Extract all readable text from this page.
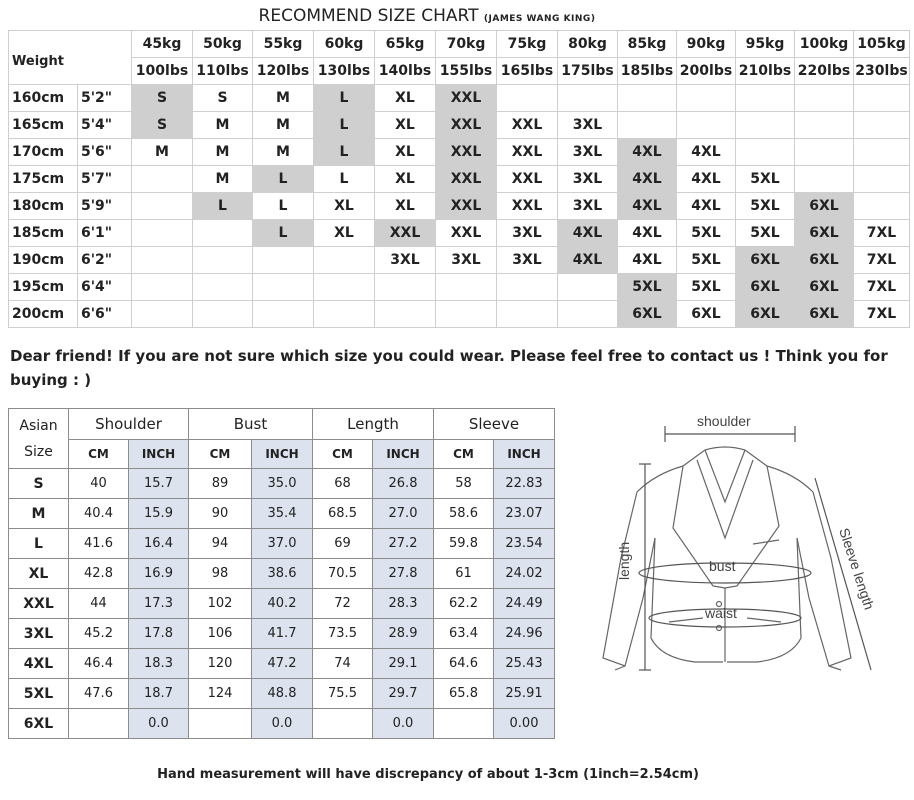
RECOMMEND SIZE CHART (JAMES WANG KING)
Weight		45kg	50kg	55kg	60kg	65kg	70kg	75kg	80kg	85kg	90kg	95kg	100kg	105kg
		100lbs	110lbs	120lbs	130lbs	140lbs	155lbs	165lbs	175lbs	185lbs	200lbs	210lbs	220lbs	230lbs
160cm	5'2"	S	S	M	L	XL	XXL							
165cm	5'4"	S	M	M	L	XL	XXL	XXL	3XL					
170cm	5'6"	M	M	M	L	XL	XXL	XXL	3XL	4XL	4XL			
175cm	5'7"		M	L	L	XL	XXL	XXL	3XL	4XL	4XL	5XL		
180cm	5'9"		L	L	XL	XL	XXL	XXL	3XL	4XL	4XL	5XL	6XL	
185cm	6'1"			L	XL	XXL	XXL	3XL	4XL	4XL	5XL	5XL	6XL	7XL
190cm	6'2"					3XL	3XL	3XL	4XL	4XL	5XL	6XL	6XL	7XL
195cm	6'4"									5XL	5XL	6XL	6XL	7XL
200cm	6'6"									6XL	6XL	6XL	6XL	7XL
Dear friend! If you are not sure which size you could wear. Please feel free to contact us ! Think you for buying : )
Asian
Size	Shoulder		Bust		Length		Sleeve	
	CM	INCH	CM	INCH	CM	INCH	CM	INCH
S	40	15.7	89	35.0	68	26.8	58	22.83
M	40.4	15.9	90	35.4	68.5	27.0	58.6	23.07
L	41.6	16.4	94	37.0	69	27.2	59.8	23.54
XL	42.8	16.9	98	38.6	70.5	27.8	61	24.02
XXL	44	17.3	102	40.2	72	28.3	62.2	24.49
3XL	45.2	17.8	106	41.7	73.5	28.9	63.4	24.96
4XL	46.4	18.3	120	47.2	74	29.1	64.6	25.43
5XL	47.6	18.7	124	48.8	75.5	29.7	65.8	25.91
6XL		0.0		0.0		0.0		0.00
shoulder
length	bust
waist
Sleeve length
Hand measurement will have discrepancy of about 1-3cm (1inch=2.54cm)
